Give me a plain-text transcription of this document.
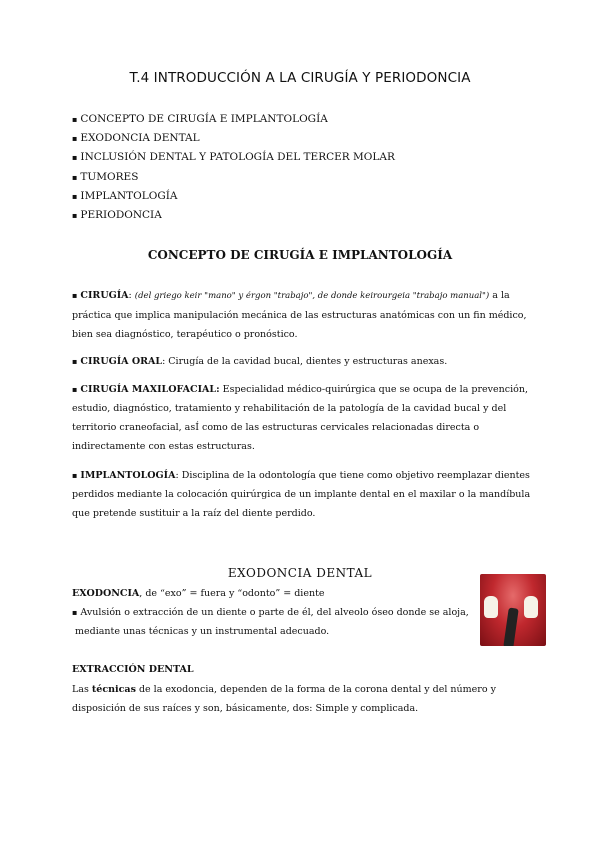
T.4 INTRODUCCIÓN A LA CIRUGÍA Y PERIODONCIA
▪ CONCEPTO DE CIRUGÍA E IMPLANTOLOGÍA
▪ EXODONCIA DENTAL
▪ INCLUSIÓN DENTAL Y PATOLOGÍA DEL TERCER MOLAR
▪ TUMORES
▪ IMPLANTOLOGÍA
▪ PERIODONCIA
CONCEPTO DE CIRUGÍA E IMPLANTOLOGÍA
▪ CIRUGÍA: (del griego keir "mano" y érgon "trabajo", de donde keirourgeia "trabajo manual") a la práctica que implica manipulación mecánica de las estructuras anatómicas con un fin médico, bien sea diagnóstico, terapéutico o pronóstico.
▪ CIRUGÍA ORAL: Cirugía de la cavidad bucal, dientes y estructuras anexas.
▪ CIRUGÍA MAXILOFACIAL: Especialidad médico-quirúrgica que se ocupa de la prevención, estudio, diagnóstico, tratamiento y rehabilitación de la patología de la cavidad bucal y del territorio craneofacial, asÍ como de las estructuras cervicales relacionadas directa o indirectamente con estas estructuras.
▪ IMPLANTOLOGÍA: Disciplina de la odontología que tiene como objetivo reemplazar dientes perdidos mediante la colocación quirúrgica de un implante dental en el maxilar o la mandíbula que pretende sustituir a la raíz del diente perdido.
EXODONCIA DENTAL
EXODONCIA, de “exo” = fuera y “odonto” = diente
▪ Avulsión o extracción de un diente o parte de él, del alveolo óseo donde se aloja,
mediante unas técnicas y un instrumental adecuado.
EXTRACCIÓN DENTAL
Las técnicas de la exodoncia, dependen de la forma de la corona dental y del número y disposición de sus raíces y son, básicamente, dos: Simple y complicada.
